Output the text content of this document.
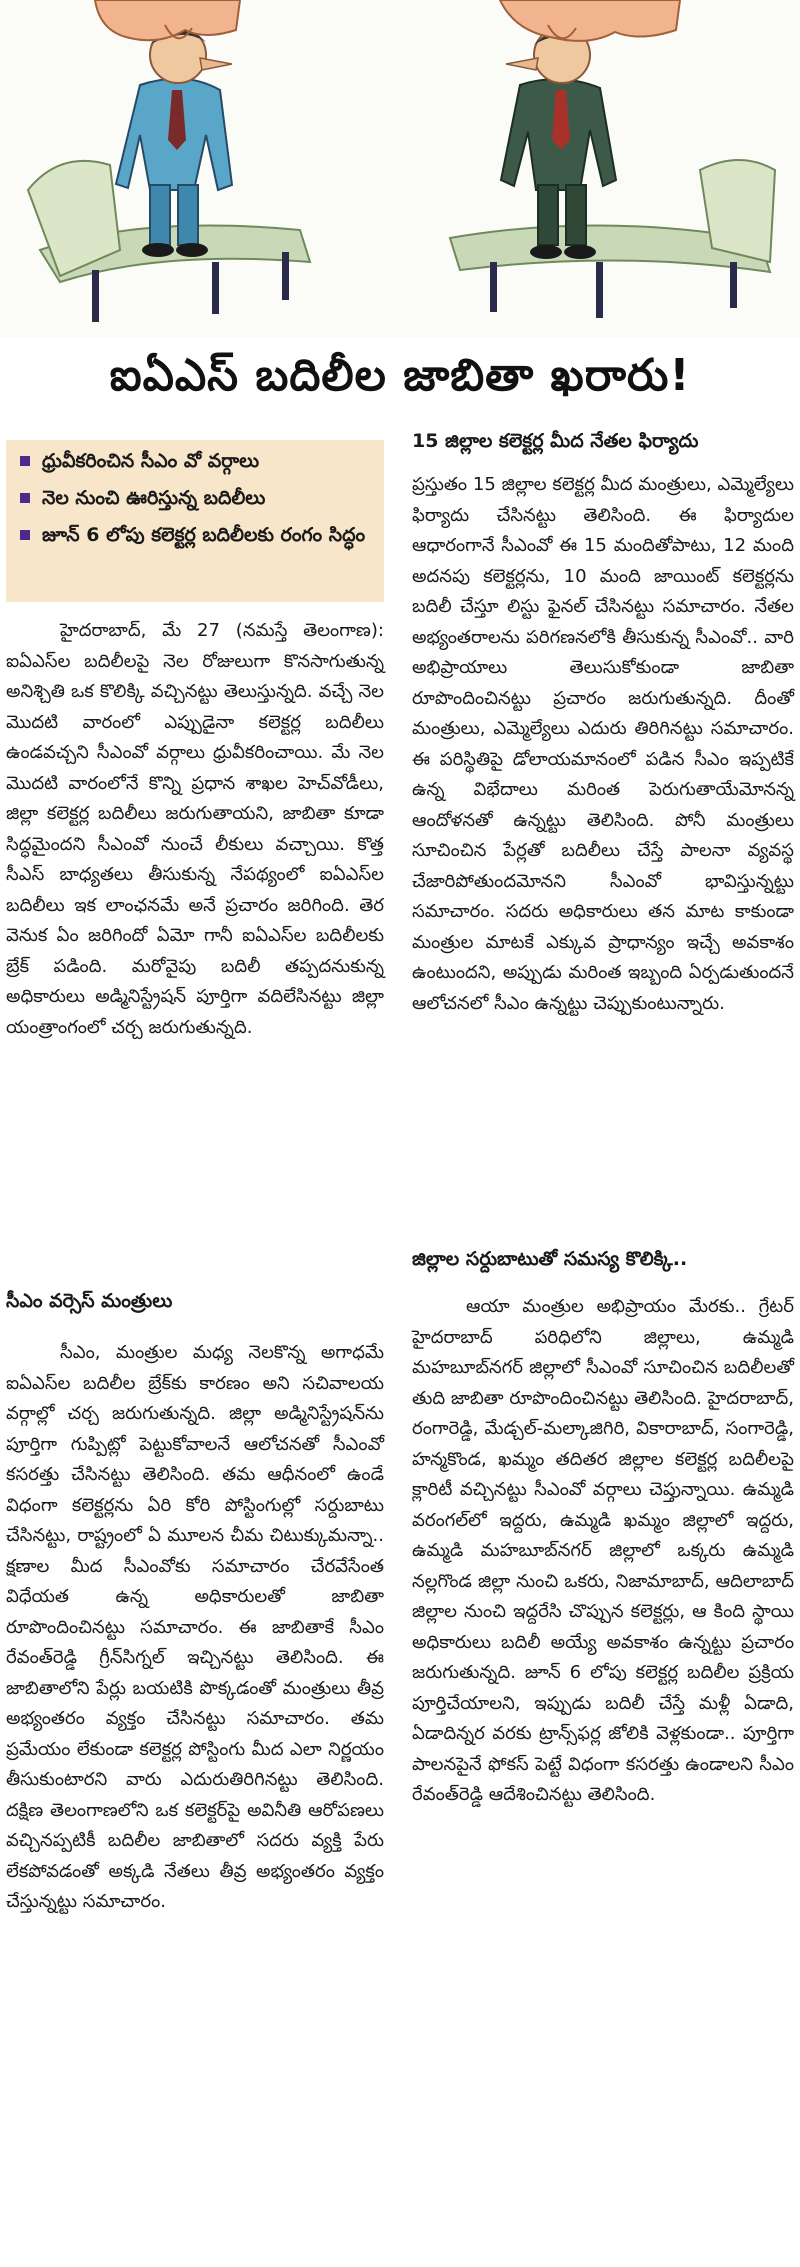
ఐఏఎస్ బదిలీల జాబితా ఖరారు!
ధ్రువీకరించిన సీఎం వో వర్గాలు
నెల నుంచి ఊరిస్తున్న బదిలీలు
జూన్ 6 లోపు కలెక్టర్ల బదిలీలకు రంగం సిద్ధం

హైదరాబాద్, మే 27 (నమస్తే తెలంగాణ): ఐఏఎస్‌ల బదిలీలపై నెల రోజులుగా కొనసాగుతున్న అనిశ్చితి ఒక కొలిక్కి వచ్చినట్టు తెలుస్తున్నది. వచ్చే నెల మొదటి వారంలో ఎప్పుడైనా కలెక్టర్ల బదిలీలు ఉండవచ్చని సీఎంవో వర్గాలు ధ్రువీకరించాయి. మే నెల మొదటి వారంలోనే కొన్ని ప్రధాన శాఖల హెచ్‌వోడీలు, జిల్లా కలెక్టర్ల బదిలీలు జరుగుతాయని, జాబితా కూడా సిద్ధమైందని సీఎంవో నుంచే లీకులు వచ్చాయి. కొత్త సీఎస్ బాధ్యతలు తీసుకున్న నేపథ్యంలో ఐఏఎస్‌ల బదిలీలు ఇక లాంఛనమే అనే ప్రచారం జరిగింది. తెర వెనుక ఏం జరిగిందో ఏమో గానీ ఐఏఎస్‌ల బదిలీలకు బ్రేక్ పడింది. మరోవైపు బదిలీ తప్పదనుకున్న అధికారులు అడ్మినిస్ట్రేషన్ పూర్తిగా వదిలేసినట్టు జిల్లా యంత్రాంగంలో చర్చ జరుగుతున్నది.

సీఎం వర్సెస్ మంత్రులు

సీఎం, మంత్రుల మధ్య నెలకొన్న అగాధమే ఐఏఎస్‌ల బదిలీల బ్రేక్‌కు కారణం అని సచివాలయ వర్గాల్లో చర్చ జరుగుతున్నది. జిల్లా అడ్మినిస్ట్రేషన్‌ను పూర్తిగా గుప్పిట్లో పెట్టుకోవాలనే ఆలోచనతో సీఎంవో కసరత్తు చేసినట్టు తెలిసింది. తమ ఆధీనంలో ఉండే విధంగా కలెక్టర్లను ఏరి కోరి పోస్టింగుల్లో సర్దుబాటు చేసినట్టు, రాష్ట్రంలో ఏ మూలన చీమ చిటుక్కుమన్నా.. క్షణాల మీద సీఎంవోకు సమాచారం చేరవేసేంత విధేయత ఉన్న అధికారులతో జాబితా రూపొందించినట్టు సమాచారం. ఈ జాబితాకే సీఎం రేవంత్‌రెడ్డి గ్రీన్‌సిగ్నల్ ఇచ్చినట్టు తెలిసింది. ఈ జాబితాలోని పేర్లు బయటికి పొక్కడంతో మంత్రులు తీవ్ర అభ్యంతరం వ్యక్తం చేసినట్టు సమాచారం. తమ ప్రమేయం లేకుండా కలెక్టర్ల పోస్టింగు మీద ఎలా నిర్ణయం తీసుకుంటారని వారు ఎదురుతిరిగినట్టు తెలిసింది. దక్షిణ తెలంగాణలోని ఒక కలెక్టర్‌పై అవినీతి ఆరోపణలు వచ్చినప్పటికీ బదిలీల జాబితాలో సదరు వ్యక్తి పేరు లేకపోవడంతో అక్కడి నేతలు తీవ్ర అభ్యంతరం వ్యక్తం చేస్తున్నట్టు సమాచారం.

15 జిల్లాల కలెక్టర్ల మీద నేతల ఫిర్యాదు

ప్రస్తుతం 15 జిల్లాల కలెక్టర్ల మీద మంత్రులు, ఎమ్మెల్యేలు ఫిర్యాదు చేసినట్టు తెలిసింది. ఈ ఫిర్యాదుల ఆధారంగానే సీఎంవో ఈ 15 మందితోపాటు, 12 మంది అదనపు కలెక్టర్లను, 10 మంది జాయింట్ కలెక్టర్లను బదిలీ చేస్తూ లిస్టు ఫైనల్ చేసినట్టు సమాచారం. నేతల అభ్యంతరాలను పరిగణనలోకి తీసుకున్న సీఎంవో.. వారి అభిప్రాయాలు తెలుసుకోకుండా జాబితా రూపొందించినట్టు ప్రచారం జరుగుతున్నది. దీంతో మంత్రులు, ఎమ్మెల్యేలు ఎదురు తిరిగినట్టు సమాచారం. ఈ పరిస్థితిపై డోలాయమానంలో పడిన సీఎం ఇప్పటికే ఉన్న విభేదాలు మరింత పెరుగుతాయేమోనన్న ఆందోళనతో ఉన్నట్టు తెలిసింది. పోనీ మంత్రులు సూచించిన పేర్లతో బదిలీలు చేస్తే పాలనా వ్యవస్థ చేజారిపోతుందమోనని సీఎంవో భావిస్తున్నట్టు సమాచారం. సదరు అధికారులు తన మాట కాకుండా మంత్రుల మాటకే ఎక్కువ ప్రాధాన్యం ఇచ్చే అవకాశం ఉంటుందని, అప్పుడు మరింత ఇబ్బంది ఏర్పడుతుందనే ఆలోచనలో సీఎం ఉన్నట్టు చెప్పుకుంటున్నారు.

జిల్లాల సర్దుబాటుతో సమస్య కొలిక్కి..

ఆయా మంత్రుల అభిప్రాయం మేరకు.. గ్రేటర్ హైదరాబాద్ పరిధిలోని జిల్లాలు, ఉమ్మడి మహబూబ్‌నగర్ జిల్లాలో సీఎంవో సూచించిన బదిలీలతో తుది జాబితా రూపొందించినట్టు తెలిసింది. హైదరాబాద్, రంగారెడ్డి, మేడ్చల్-మల్కాజిగిరి, వికారాబాద్, సంగారెడ్డి, హన్మకొండ, ఖమ్మం తదితర జిల్లాల కలెక్టర్ల బదిలీలపై క్లారిటీ వచ్చినట్టు సీఎంవో వర్గాలు చెప్తున్నాయి. ఉమ్మడి వరంగల్‌లో ఇద్దరు, ఉమ్మడి ఖమ్మం జిల్లాలో ఇద్దరు, ఉమ్మడి మహబూబ్‌నగర్ జిల్లాలో ఒక్కరు ఉమ్మడి నల్లగొండ జిల్లా నుంచి ఒకరు, నిజామాబాద్, ఆదిలాబాద్ జిల్లాల నుంచి ఇద్దరేసి చొప్పున కలెక్టర్లు, ఆ కింది స్థాయి అధికారులు బదిలీ అయ్యే అవకాశం ఉన్నట్టు ప్రచారం జరుగుతున్నది. జూన్ 6 లోపు కలెక్టర్ల బదిలీల ప్రక్రియ పూర్తిచేయాలని, ఇప్పుడు బదిలీ చేస్తే మళ్లీ ఏడాది, ఏడాదిన్నర వరకు ట్రాన్స్‌ఫర్ల జోలికి వెళ్లకుండా.. పూర్తిగా పాలనపైనే ఫోకస్ పెట్టే విధంగా కసరత్తు ఉండాలని సీఎం రేవంత్‌రెడ్డి ఆదేశించినట్టు తెలిసింది.
